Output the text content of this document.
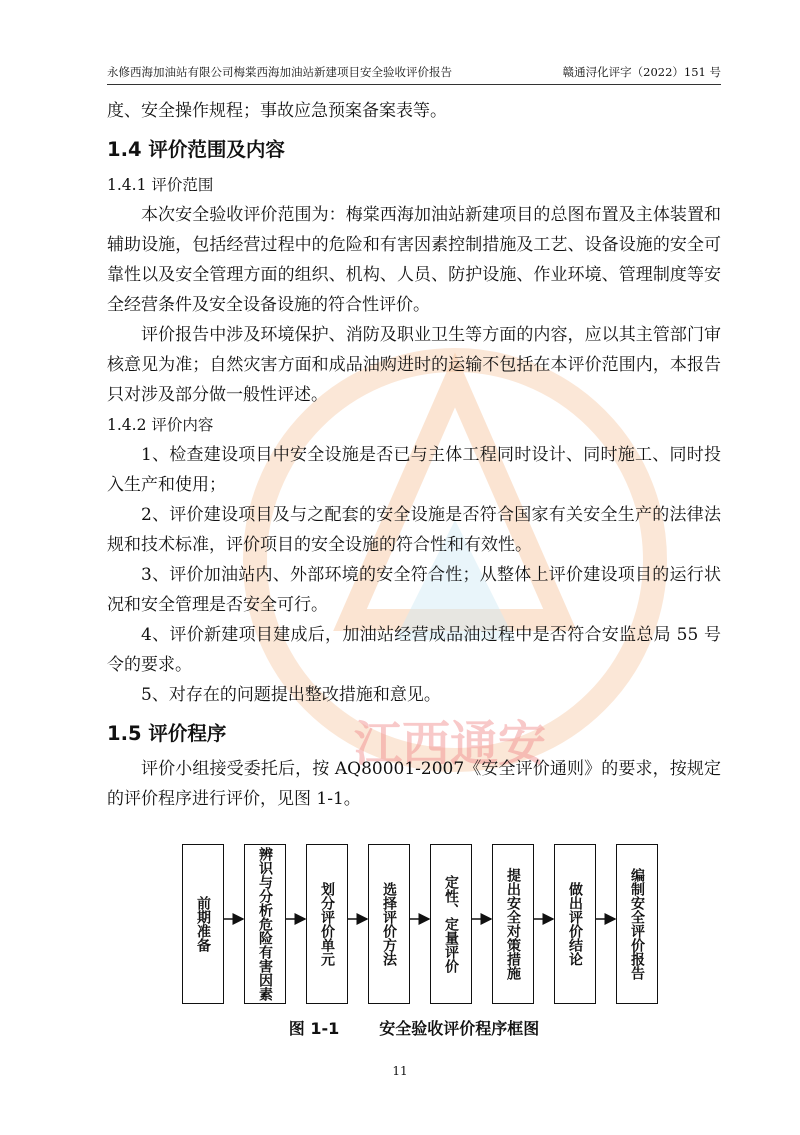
江西通安
永修西海加油站有限公司梅棠西海加油站新建项目安全验收评价报告	赣通浔化评字（2022）151 号

度、安全操作规程；事故应急预案备案表等。

1.4 评价范围及内容
1.4.1 评价范围

本次安全验收评价范围为：梅棠西海加油站新建项目的总图布置及主体装置和辅助设施，包括经营过程中的危险和有害因素控制措施及工艺、设备设施的安全可靠性以及安全管理方面的组织、机构、人员、防护设施、作业环境、管理制度等安全经营条件及安全设备设施的符合性评价。

评价报告中涉及环境保护、消防及职业卫生等方面的内容，应以其主管部门审核意见为准；自然灾害方面和成品油购进时的运输不包括在本评价范围内，本报告只对涉及部分做一般性评述。

1.4.2 评价内容

1、检查建设项目中安全设施是否已与主体工程同时设计、同时施工、同时投入生产和使用；

2、评价建设项目及与之配套的安全设施是否符合国家有关安全生产的法律法规和技术标准，评价项目的安全设施的符合性和有效性。

3、评价加油站内、外部环境的安全符合性；从整体上评价建设项目的运行状况和安全管理是否安全可行。

4、评价新建项目建成后，加油站经营成品油过程中是否符合安监总局 55 号令的要求。

5、对存在的问题提出整改措施和意见。

1.5 评价程序

评价小组接受委托后，按 AQ80001-2007《安全评价通则》的要求，按规定的评价程序进行评价，见图 1-1。

前期准备	辨识与分析危险有害因素	划分评价单元	选择评价方法	定性、定量评价	提出安全对策措施	做出评价结论	编制安全评价报告
图 1-1	安全验收评价程序框图
11
